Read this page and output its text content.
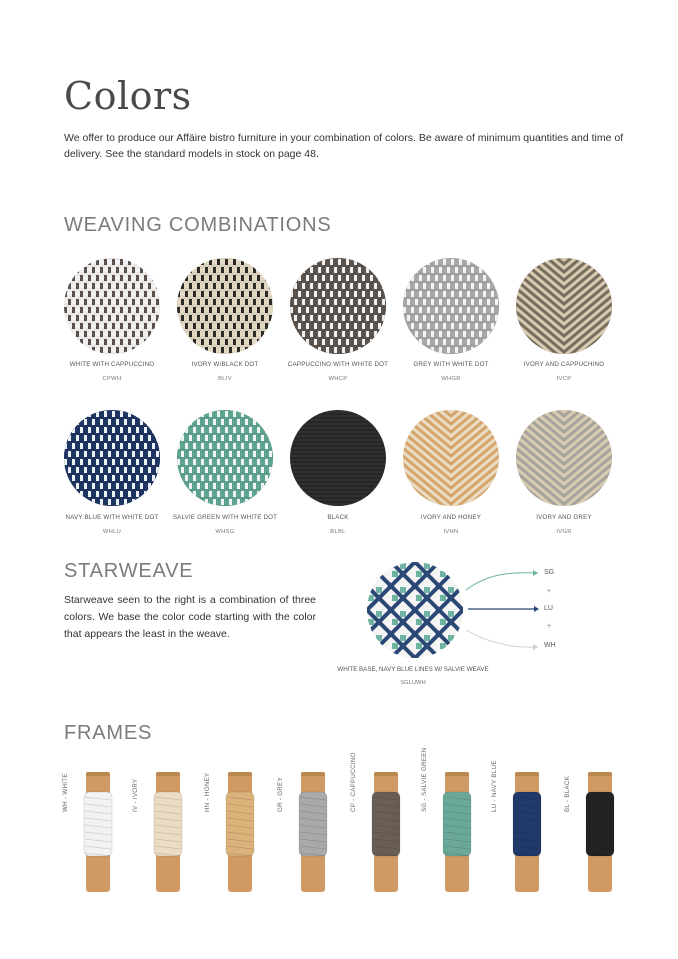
Colors
We offer to produce our Affäire bistro furniture in your combination of colors. Be aware of minimum quantities and time of delivery. See the standard models in stock on page 48.
WEAVING COMBINATIONS
WHITE WITH CAPPUCCINO
CPWH
IVORY W/BLACK DOT
BLIV
CAPPUCCINO WITH WHITE DOT
WHCP
GREY WITH WHITE DOT
WHGR
IVORY AND CAPPUCHINO
IVCP
NAVY BLUE WITH WHITE DOT
WHLU
SALVIE GREEN WITH WHITE DOT
WHSG
BLACK
BLBL
IVORY AND HONEY
IVHN
IVORY AND GREY
IVGR
STARWEAVE
Starweave seen to the right is a combination of three colors. We base the color code starting with the color that appears the least in the weave.
SG
+
LU
+
WH
WHITE BASE, NAVY BLUE LINES W/ SALVIE WEAVE
SGLUWH
FRAMES
WH - WHITE	IV - IVORY	HN - HONEY	GR - GREY	CP - CAPPUCCINO	SG - SALVIE GREEN	LU - NAVY BLUE	BL - BLACK
